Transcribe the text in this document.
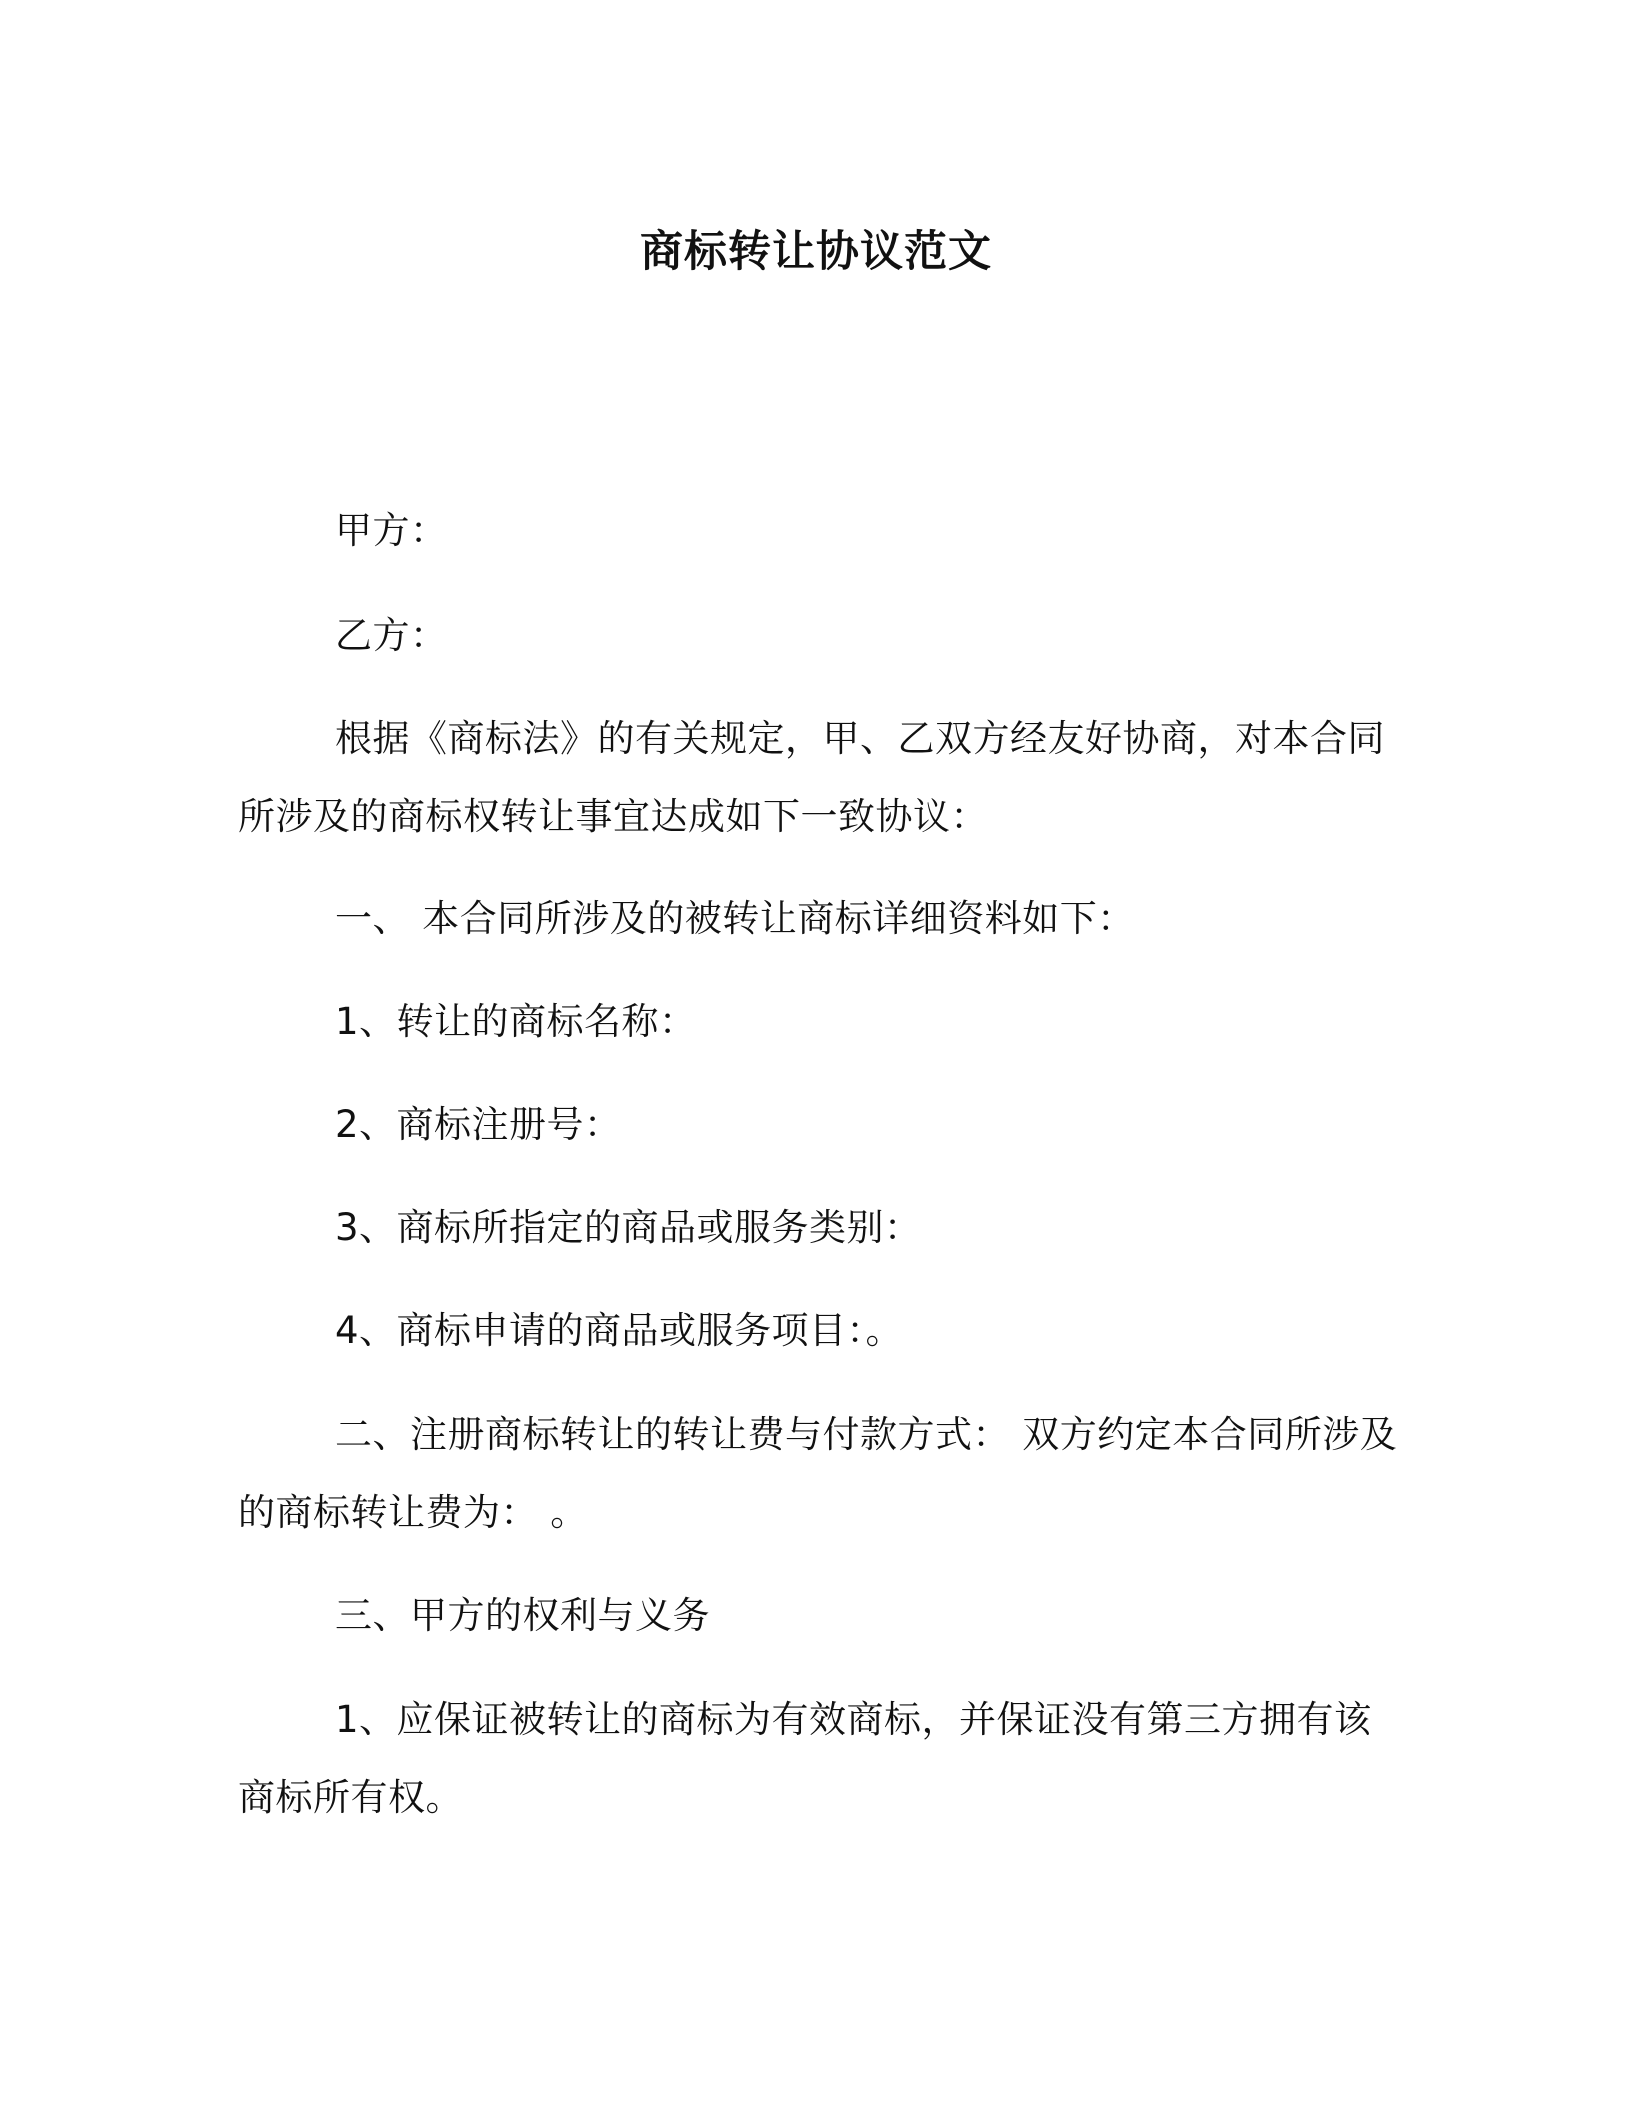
商标转让协议范文

甲方：

乙方：

根据《商标法》的有关规定，甲、乙双方经友好协商，对本合同所涉及的商标权转让事宜达成如下一致协议：

一、 本合同所涉及的被转让商标详细资料如下：

1、转让的商标名称：

2、商标注册号：

3、商标所指定的商品或服务类别：

4、商标申请的商品或服务项目：。

二、注册商标转让的转让费与付款方式： 双方约定本合同所涉及的商标转让费为： 。

三、甲方的权利与义务

1、应保证被转让的商标为有效商标，并保证没有第三方拥有该商标所有权。
